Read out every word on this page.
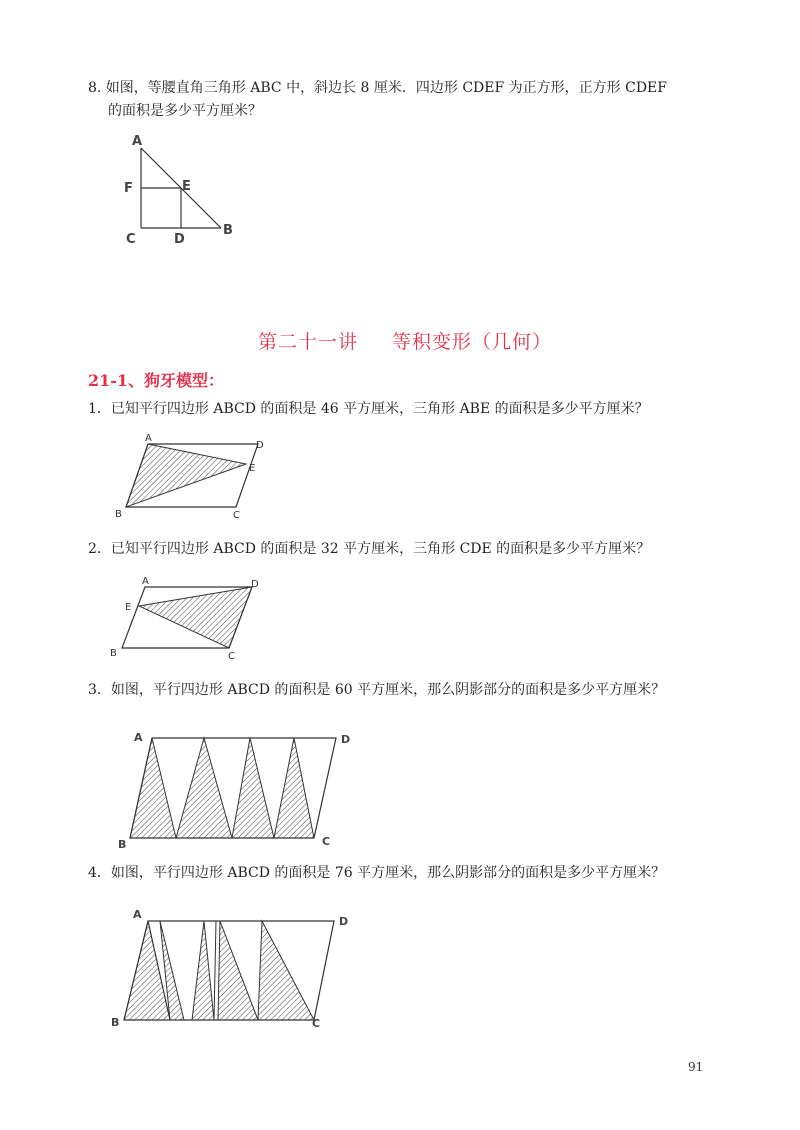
8. 如图，等腰直角三角形 ABC 中，斜边长 8 厘米．四边形 CDEF 为正方形，正方形 CDEF
的面积是多少平方厘米？
A
F	E
C	D
B
第二十一讲 等积变形（几何）
21-1、狗牙模型：
1．已知平行四边形 ABCD 的面积是 46 平方厘米，三角形 ABE 的面积是多少平方厘米？
A
D
E
B	C
2．已知平行四边形 ABCD 的面积是 32 平方厘米，三角形 CDE 的面积是多少平方厘米？
A	D
E
B	C
3．如图，平行四边形 ABCD 的面积是 60 平方厘米，那么阴影部分的面积是多少平方厘米？
A	D
B	C
4．如图，平行四边形 ABCD 的面积是 76 平方厘米，那么阴影部分的面积是多少平方厘米？
A
D
B	C
91
